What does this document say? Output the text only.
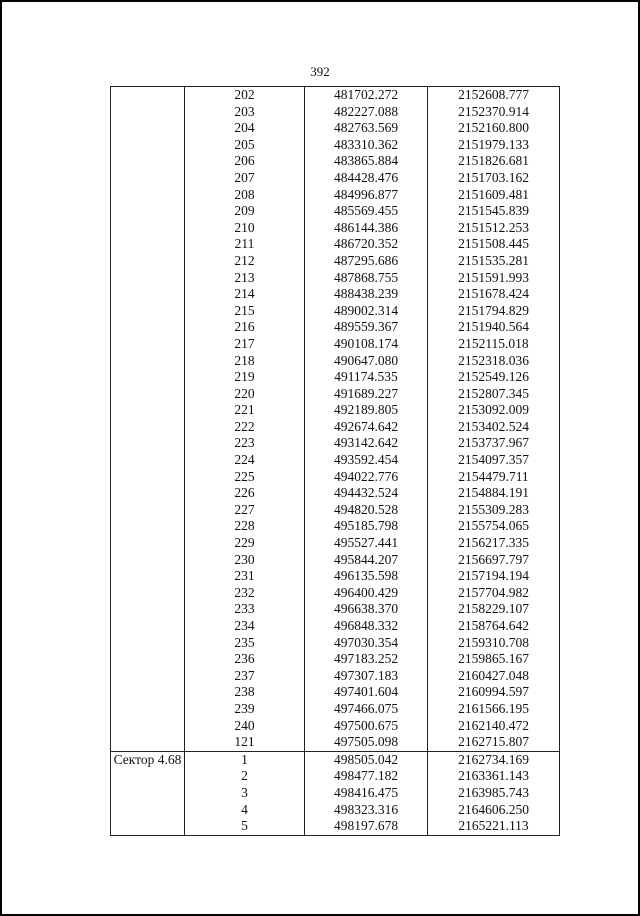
392
	202	481702.272	2152608.777
	203	482227.088	2152370.914
	204	482763.569	2152160.800
	205	483310.362	2151979.133
	206	483865.884	2151826.681
	207	484428.476	2151703.162
	208	484996.877	2151609.481
	209	485569.455	2151545.839
	210	486144.386	2151512.253
	211	486720.352	2151508.445
	212	487295.686	2151535.281
	213	487868.755	2151591.993
	214	488438.239	2151678.424
	215	489002.314	2151794.829
	216	489559.367	2151940.564
	217	490108.174	2152115.018
	218	490647.080	2152318.036
	219	491174.535	2152549.126
	220	491689.227	2152807.345
	221	492189.805	2153092.009
	222	492674.642	2153402.524
	223	493142.642	2153737.967
	224	493592.454	2154097.357
	225	494022.776	2154479.711
	226	494432.524	2154884.191
	227	494820.528	2155309.283
	228	495185.798	2155754.065
	229	495527.441	2156217.335
	230	495844.207	2156697.797
	231	496135.598	2157194.194
	232	496400.429	2157704.982
	233	496638.370	2158229.107
	234	496848.332	2158764.642
	235	497030.354	2159310.708
	236	497183.252	2159865.167
	237	497307.183	2160427.048
	238	497401.604	2160994.597
	239	497466.075	2161566.195
	240	497500.675	2162140.472
	121	497505.098	2162715.807
Сектор 4.68	1	498505.042	2162734.169
	2	498477.182	2163361.143
	3	498416.475	2163985.743
	4	498323.316	2164606.250
	5	498197.678	2165221.113
